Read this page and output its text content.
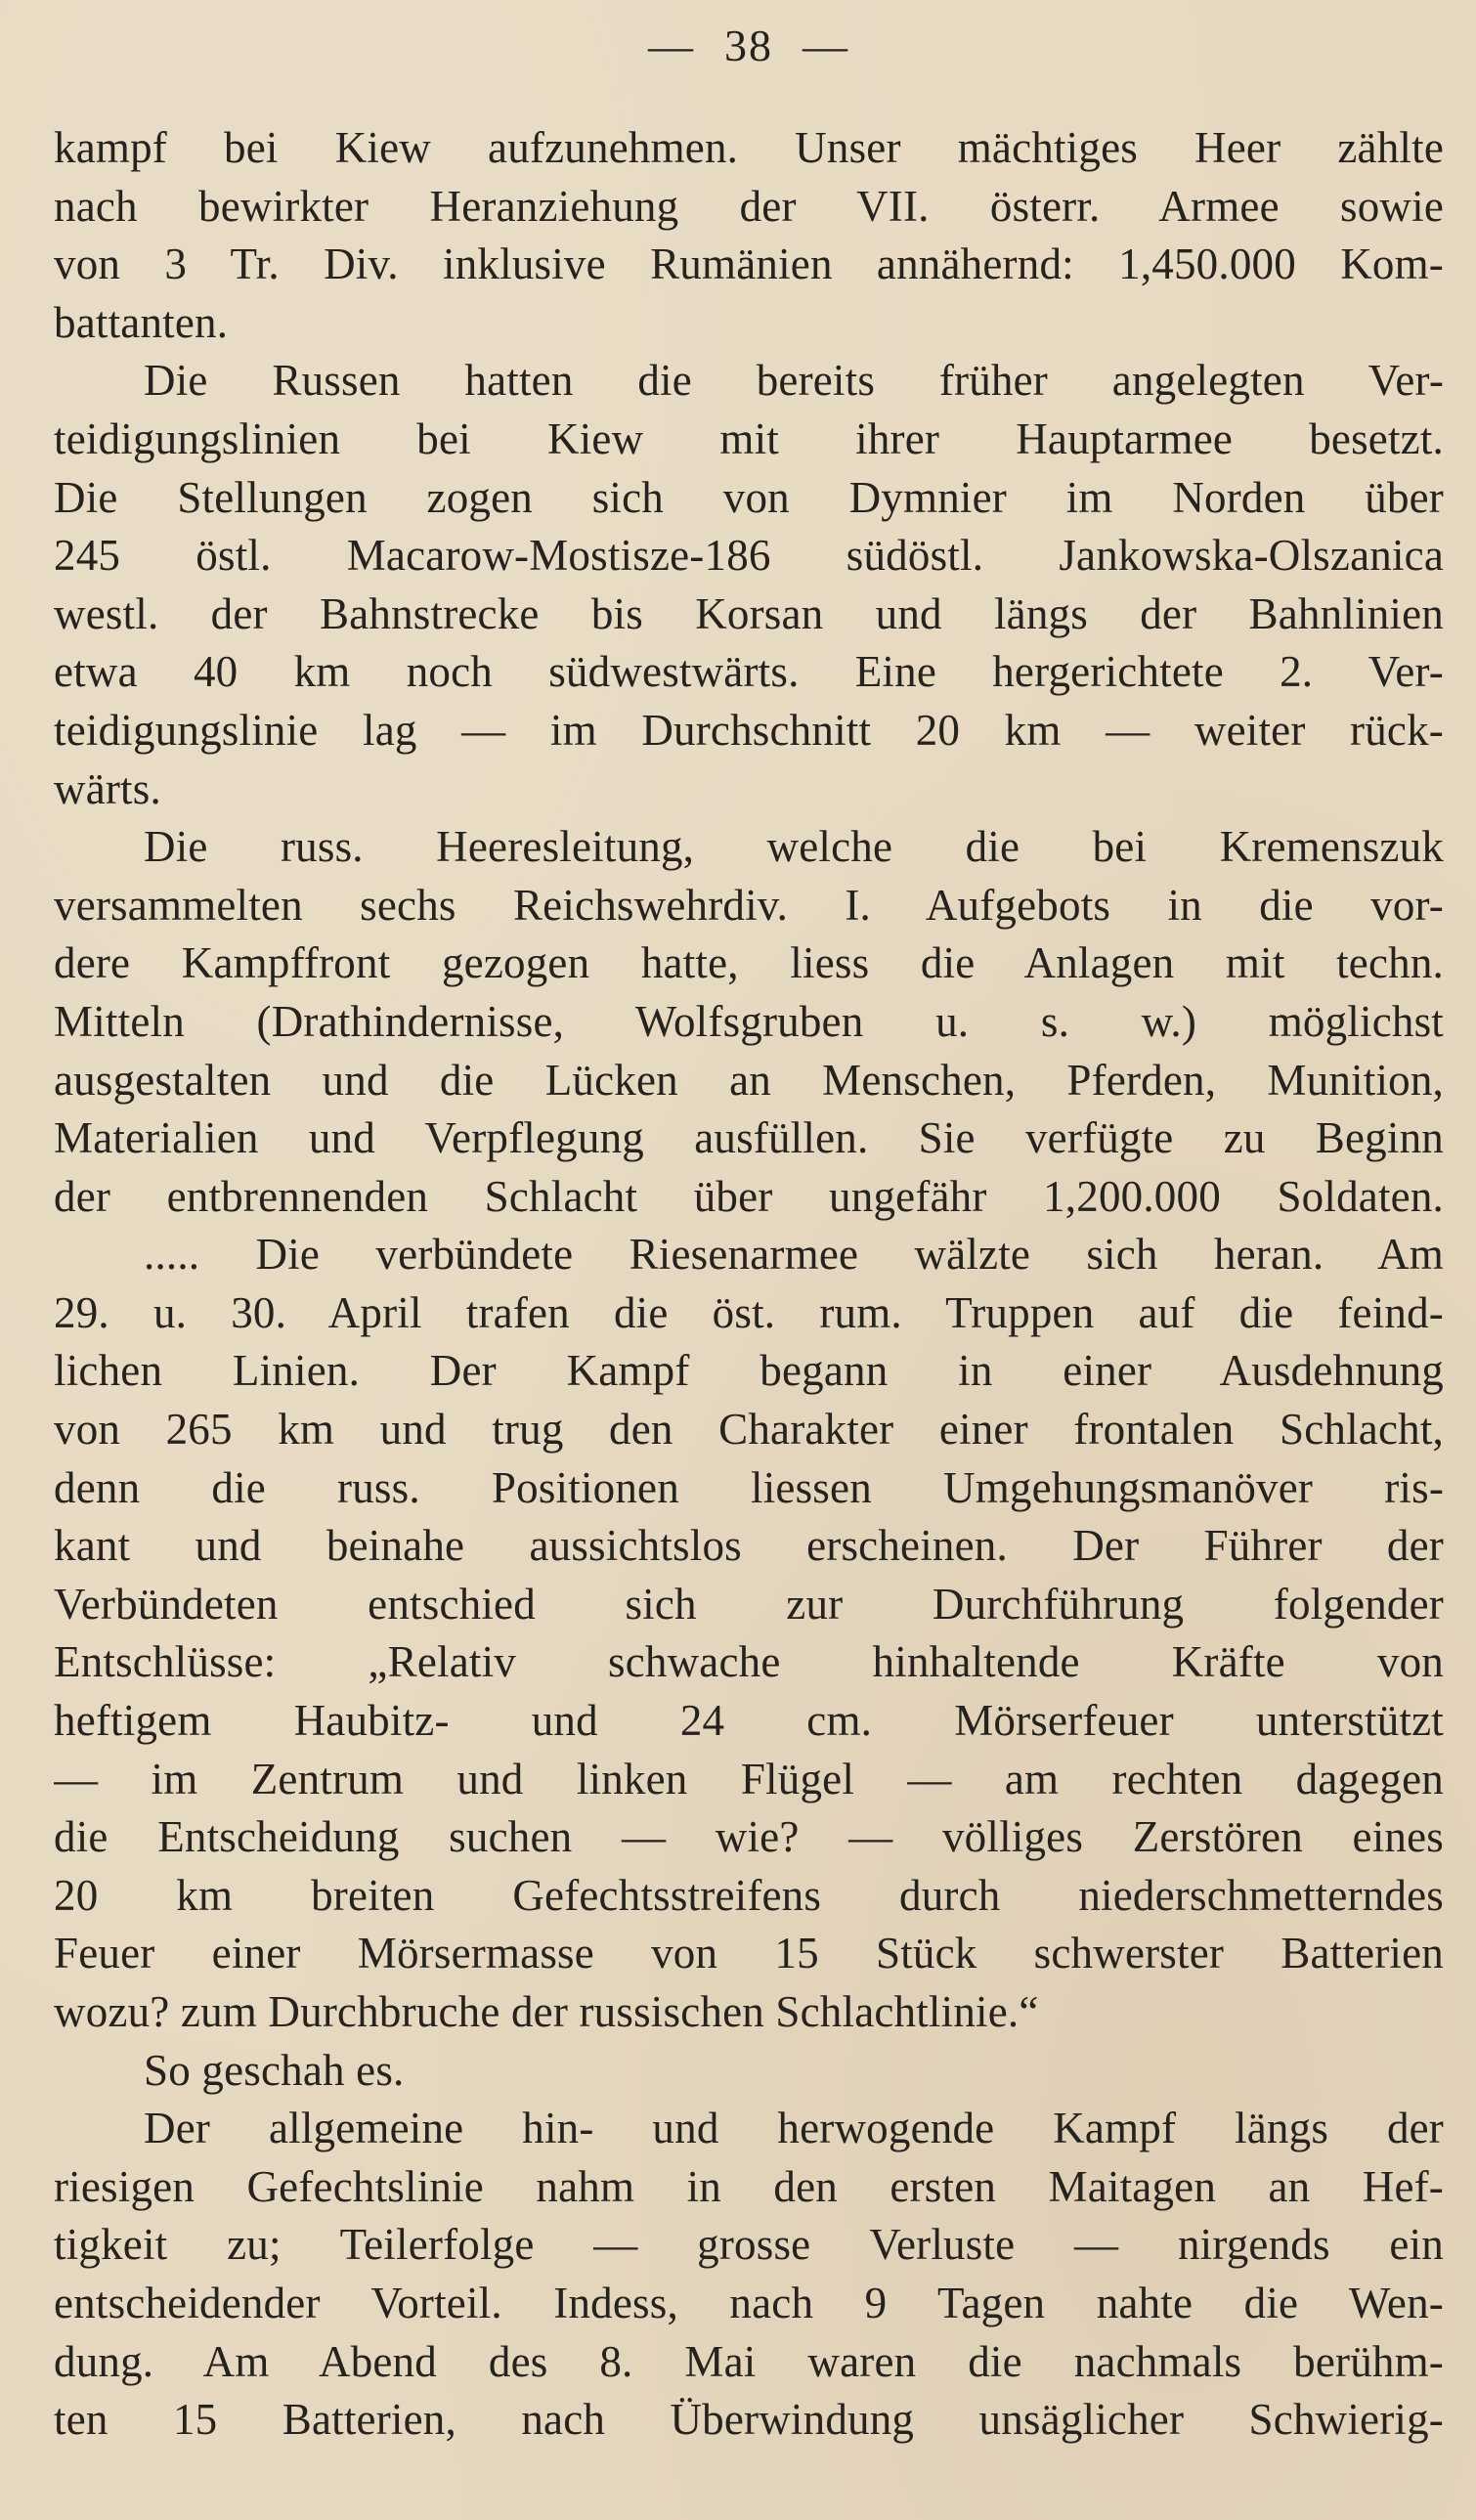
— 38 —
kampf bei Kiew aufzunehmen. Unser mächtiges Heer zählte
nach bewirkter Heranziehung der VII. österr. Armee sowie
von 3 Tr. Div. inklusive Rumänien annähernd: 1,450.000 Kom-
battanten.
Die Russen hatten die bereits früher angelegten Ver-
teidigungslinien bei Kiew mit ihrer Hauptarmee besetzt.
Die Stellungen zogen sich von Dymnier im Norden über
245 östl. Macarow-Mostisze-186 südöstl. Jankowska-Olszanica
westl. der Bahnstrecke bis Korsan und längs der Bahnlinien
etwa 40 km noch südwestwärts. Eine hergerichtete 2. Ver-
teidigungslinie lag — im Durchschnitt 20 km — weiter rück-
wärts.
Die russ. Heeresleitung, welche die bei Kremenszuk
versammelten sechs Reichswehrdiv. I. Aufgebots in die vor-
dere Kampffront gezogen hatte, liess die Anlagen mit techn.
Mitteln (Drathindernisse, Wolfsgruben u. s. w.) möglichst
ausgestalten und die Lücken an Menschen, Pferden, Munition,
Materialien und Verpflegung ausfüllen. Sie verfügte zu Beginn
der entbrennenden Schlacht über ungefähr 1,200.000 Soldaten.
..... Die verbündete Riesenarmee wälzte sich heran. Am
29. u. 30. April trafen die öst. rum. Truppen auf die feind-
lichen Linien. Der Kampf begann in einer Ausdehnung
von 265 km und trug den Charakter einer frontalen Schlacht,
denn die russ. Positionen liessen Umgehungsmanöver ris-
kant und beinahe aussichtslos erscheinen. Der Führer der
Verbündeten entschied sich zur Durchführung folgender
Entschlüsse: „Relativ schwache hinhaltende Kräfte von
heftigem Haubitz- und 24 cm. Mörserfeuer unterstützt
— im Zentrum und linken Flügel — am rechten dagegen
die Entscheidung suchen — wie? — völliges Zerstören eines
20 km breiten Gefechtsstreifens durch niederschmetterndes
Feuer einer Mörsermasse von 15 Stück schwerster Batterien
wozu? zum Durchbruche der russischen Schlachtlinie.“
So geschah es.
Der allgemeine hin- und herwogende Kampf längs der
riesigen Gefechtslinie nahm in den ersten Maitagen an Hef-
tigkeit zu; Teilerfolge — grosse Verluste — nirgends ein
entscheidender Vorteil. Indess, nach 9 Tagen nahte die Wen-
dung. Am Abend des 8. Mai waren die nachmals berühm-
ten 15 Batterien, nach Überwindung unsäglicher Schwierig-
